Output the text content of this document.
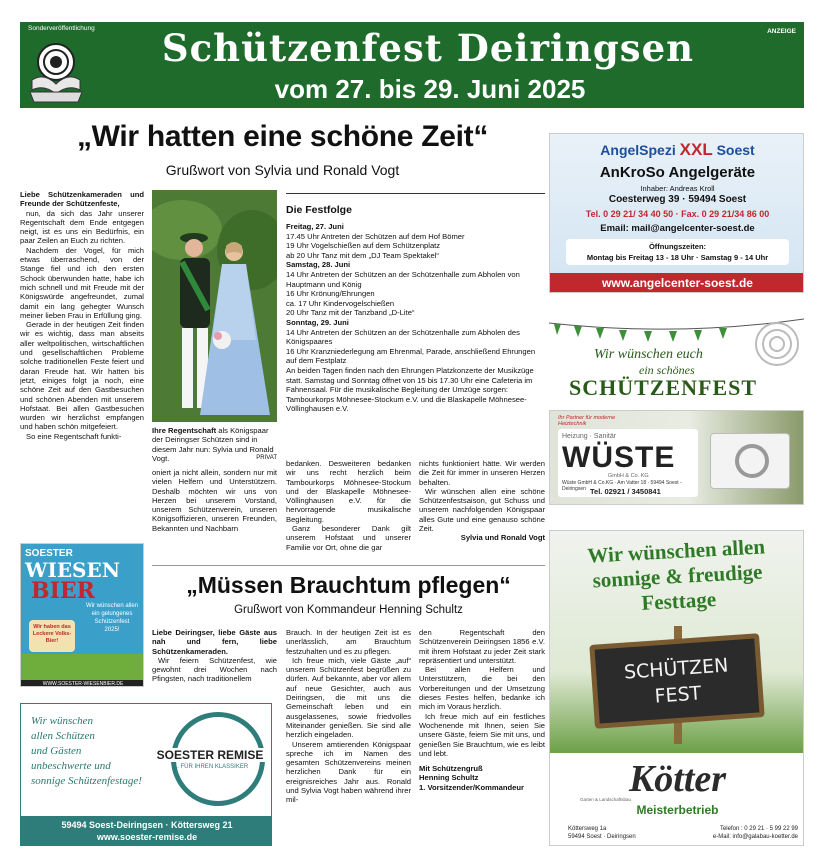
Sonderveröffentlichung	ANZEIGE
Schützenfest Deiringsen
vom 27. bis 29. Juni 2025
„Wir hatten eine schöne Zeit“
Grußwort von Sylvia und Ronald Vogt

Liebe Schützenkameraden und Freunde der Schützenfeste,

nun, da sich das Jahr unserer Regentschaft dem Ende entgegen neigt, ist es uns ein Bedürfnis, ein paar Zeilen an Euch zu richten.

Nachdem der Vogel, für mich etwas überraschend, von der Stange fiel und ich den ersten Schock überwunden hatte, habe ich mich schnell und mit Freude mit der Königswürde angefreundet, zumal damit ein lang gehegter Wunsch meiner lieben Frau in Erfüllung ging.

Gerade in der heutigen Zeit finden wir es wichtig, dass man abseits aller weltpolitischen, wirtschaftlichen und gesellschaftlichen Probleme solche traditionellen Feste feiert und daran Freude hat. Wir hatten bis jetzt, einiges folgt ja noch, eine schöne Zeit auf den Gastbesuchen und schönen Abenden mit unserem Hofstaat. Bei allen Gastbesuchen wurden wir herzlichst empfangen und haben schön mitgefeiert.

So eine Regentschaft funkti-

Ihre Regentschaft als Königspaar der Deiringser Schützen sind in diesem Jahr nun: Sylvia und Ronald Vogt.	PRIVAT

oniert ja nicht allein, sondern nur mit vielen Helfern und Unterstützern. Deshalb möchten wir uns von Herzen bei unserem Vorstand, unserem Schützenverein, unseren Königsoffizieren, unseren Freunden, Bekannten und Nachbarn

bedanken. Desweiteren bedanken wir uns recht herzlich beim Tambourkorps Möhnesee-Stockum und der Blaskapelle Möhnesee-Völlinghausen e.V. für die hervorragende musikalische Begleitung.

Ganz besonderer Dank gilt unserem Hofstaat und unserer Familie vor Ort, ohne die gar

nichts funktioniert hätte. Wir werden die Zeit für immer in unseren Herzen behalten.

Wir wünschen allen eine schöne Schützenfestsaison, gut Schuss und unserem nachfolgenden Königspaar alles Gute und eine genauso schöne Zeit.

Sylvia und Ronald Vogt

Die Festfolge
Freitag, 27. Juni
17.45 Uhr Antreten der Schützen auf dem Hof Bömer
19 Uhr Vogelschießen auf dem Schützenplatz
ab 20 Uhr Tanz mit dem „DJ Team Spektakel“
Samstag, 28. Juni
14 Uhr Antreten der Schützen an der Schützenhalle zum Abholen von Hauptmann und König
16 Uhr Krönung/Ehrungen
ca. 17 Uhr Kindervogelschießen
20 Uhr Tanz mit der Tanzband „D-Lite“
Sonntag, 29. Juni
14 Uhr Antreten der Schützen an der Schützenhalle zum Abholen des Königspaares
16 Uhr Kranzniederlegung am Ehrenmal, Parade, anschließend Ehrungen auf dem Festplatz
An beiden Tagen finden nach den Ehrungen Platzkonzerte der Musikzüge statt. Samstag und Sonntag öffnet von 15 bis 17.30 Uhr eine Cafeteria im Fahnensaal. Für die musikalische Begleitung der Umzüge sorgen: Tambourkorps Möhnesee-Stockum e.V. und die Blaskapelle Möhnesee-Völlinghausen e.V.
„Müssen Brauchtum pflegen“
Grußwort von Kommandeur Henning Schultz

Liebe Deiringser, liebe Gäste aus nah und fern, liebe Schützenkameraden.

Wir feiern Schützenfest, wie gewohnt drei Wochen nach Pfingsten, nach traditionellem

Brauch. In der heutigen Zeit ist es unerlässlich, am Brauchtum festzuhalten und es zu pflegen.

Ich freue mich, viele Gäste „auf“ unserem Schützenfest begrüßen zu dürfen. Auf bekannte, aber vor allem auf neue Gesichter, auch aus Deiringsen, die mit uns die Gemeinschaft leben und ein ausgelassenes, sowie friedvolles Miteinander genießen. Sie sind alle herzlich eingeladen.

Unserem amtierenden Königspaar spreche ich im Namen des gesamten Schützenvereins meinen herzlichen Dank für ein ereignisreiches Jahr aus. Ronald und Sylvia Vogt haben während ihrer mil-

den Regentschaft den Schützenverein Deiringsen 1856 e.V. mit ihrem Hofstaat zu jeder Zeit stark repräsentiert und unterstützt.

Bei allen Helfern und Unterstützern, die bei den Vorbereitungen und der Umsetzung dieses Festes helfen, bedanke ich mich im Voraus herzlich.

Ich freue mich auf ein festliches Wochenende mit Ihnen, seien Sie unsere Gäste, feiern Sie mit uns, und genießen Sie Brauchtum, wie es leibt und lebt.

Mit Schützengruß
Henning Schultz
1. Vorsitzender/Kommandeur
SOESTER
WIESEN
BIER
Wir wünschen allen
ein gelungenes
Schützenfest
2025!
Wir haben das Leckere Volks-Bier!
WWW.SOESTER-WIESENBIER.DE
Wir wünschen
allen Schützen
und Gästen
unbeschwerte und
sonnige Schützenfestage!
SOESTER REMISE
... FÜR IHREN KLASSIKER
59494 Soest-Deiringsen · Köttersweg 21
www.soester-remise.de
AngelSpezi XXL Soest
AnKroSo Angelgeräte
Inhaber: Andreas Kroll
Coesterweg 39 · 59494 Soest
Tel. 0 29 21/ 34 40 50 · Fax. 0 29 21/34 86 00
Email: mail@angelcenter-soest.de
Öffnungszeiten:
Montag bis Freitag 13 - 18 Uhr · Samstag 9 - 14 Uhr
www.angelcenter-soest.de
Wir wünschen euch
ein schönes
SCHÜTZENFEST
Ihr Partner für moderne Heiztechnik
Heizung · Sanitär
WÜSTE
GmbH & Co. KG
Wüste GmbH & Co.KG · Am Vatter 18 · 59494 Soest - Deiringsen Tel. 02921 / 3450841
Wir wünschen allen
sonnige & freudige
Festtage
SCHÜTZEN
FEST
Kötter
Meisterbetrieb
Garten & Landschaftsbau
Köttersweg 1a
59494 Soest · Deiringsen
Telefon : 0 29 21 · 5 99 22 99
e-Mail: info@galabau-koetter.de
